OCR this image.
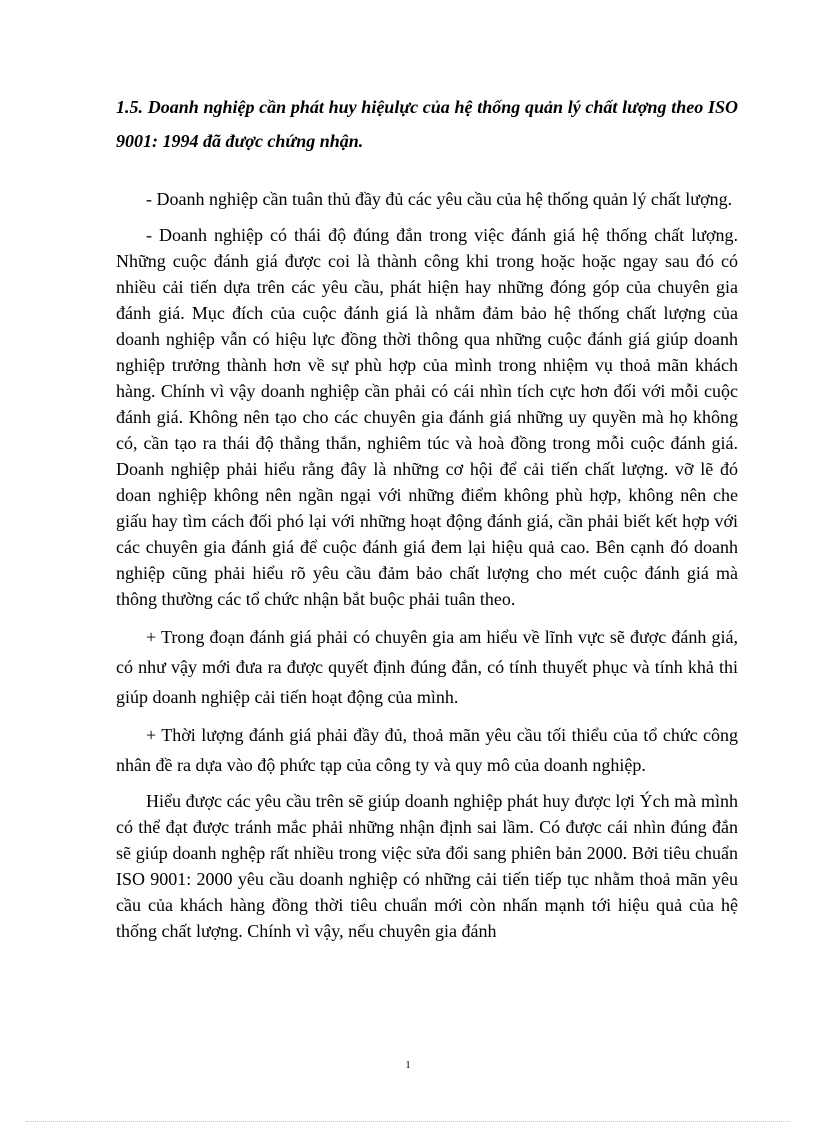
1.5. Doanh nghiệp cần phát huy hiệulực của hệ thống quản lý chất lượng theo ISO 9001: 1994 đã được chứng nhận.

- Doanh nghiệp cần tuân thủ đầy đủ các yêu cầu của hệ thống quản lý chất lượng.

- Doanh nghiệp có thái độ đúng đắn trong việc đánh giá hệ thống chất lượng. Những cuộc đánh giá được coi là thành công khi trong hoặc hoặc ngay sau đó có nhiều cải tiến dựa trên các yêu cầu, phát hiện hay những đóng góp của chuyên gia đánh giá. Mục đích của cuộc đánh giá là nhằm đảm bảo hệ thống chất lượng của doanh nghiệp vẫn có hiệu lực đồng thời thông qua những cuộc đánh giá giúp doanh nghiệp trưởng thành hơn về sự phù hợp của mình trong nhiệm vụ thoả mãn khách hàng. Chính vì vậy doanh nghiệp cần phải có cái nhìn tích cực hơn đối với mỗi cuộc đánh giá. Không nên tạo cho các chuyên gia đánh giá những uy quyền mà họ không có, cần tạo ra thái độ thẳng thắn, nghiêm túc và hoà đồng trong mỗi cuộc đánh giá. Doanh nghiệp phải hiểu rằng đây là những cơ hội để cải tiến chất lượng. vỡ lẽ đó doan nghiệp không nên ngần ngại với những điểm không phù hợp, không nên che giấu hay tìm cách đối phó lại với những hoạt động đánh giá, cần phải biết kết hợp với các chuyên gia đánh giá để cuộc đánh giá đem lại hiệu quả cao. Bên cạnh đó doanh nghiệp cũng phải hiểu rõ yêu cầu đảm bảo chất lượng cho mét cuộc đánh giá mà thông thường các tổ chức nhận bắt buộc phải tuân theo.

+ Trong đoạn đánh giá phải có chuyên gia am hiểu về lĩnh vực sẽ được đánh giá, có như vậy mới đưa ra được quyết định đúng đắn, có tính thuyết phục và tính khả thi giúp doanh nghiệp cải tiến hoạt động của mình.

+ Thời lượng đánh giá phải đầy đủ, thoả mãn yêu cầu tối thiểu của tổ chức công nhân đề ra dựa vào độ phức tạp của công ty và quy mô của doanh nghiệp.

Hiểu được các yêu cầu trên sẽ giúp doanh nghiệp phát huy được lợi Ých mà mình có thể đạt được tránh mắc phải những nhận định sai lầm. Có được cái nhìn đúng đắn sẽ giúp doanh nghệp rất nhiều trong việc sửa đổi sang phiên bản 2000. Bởi tiêu chuẩn ISO 9001: 2000 yêu cầu doanh nghiệp có những cải tiến tiếp tục nhằm thoả mãn yêu cầu của khách hàng đồng thời tiêu chuẩn mới còn nhấn mạnh tới hiệu quả của hệ thống chất lượng. Chính vì vậy, nếu chuyên gia đánh

1
